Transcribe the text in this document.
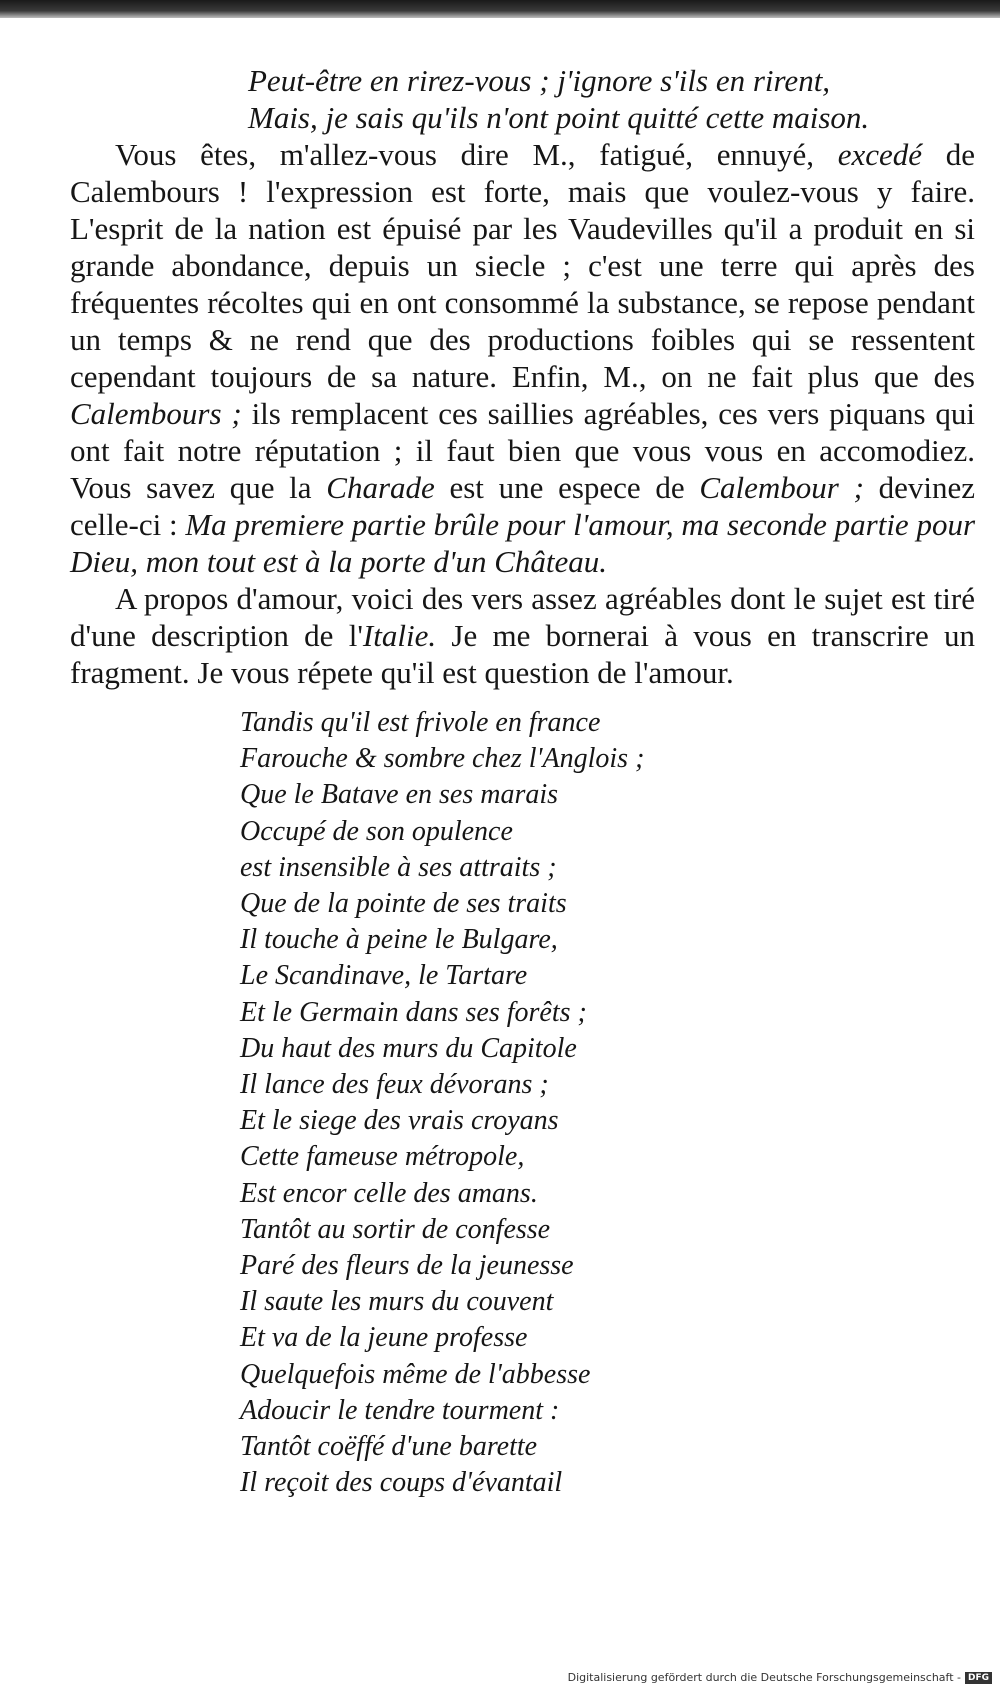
Peut-être en rirez-vous ; j'ignore s'ils en rirent,
Mais, je sais qu'ils n'ont point quitté cette maison.

Vous êtes, m'allez-vous dire M., fatigué, ennuyé, excedé de Calembours ! l'expression est forte, mais que voulez-vous y faire. L'esprit de la nation est épuisé par les Vaudevilles qu'il a produit en si grande abondance, depuis un siecle ; c'est une terre qui après des fréquentes récoltes qui en ont consommé la substance, se repose pendant un temps & ne rend que des productions foibles qui se ressentent cependant toujours de sa nature. Enfin, M., on ne fait plus que des Calembours ; ils remplacent ces saillies agréables, ces vers piquans qui ont fait notre réputation ; il faut bien que vous vous en accomodiez. Vous savez que la Charade est une espece de Calembour ; devinez celle-ci : Ma premiere partie brûle pour l'amour, ma seconde partie pour Dieu, mon tout est à la porte d'un Château.

A propos d'amour, voici des vers assez agréables dont le sujet est tiré d'une description de l'Italie. Je me bornerai à vous en transcrire un fragment. Je vous répete qu'il est question de l'amour.

Tandis qu'il est frivole en france
Farouche & sombre chez l'Anglois ;
Que le Batave en ses marais
Occupé de son opulence
est insensible à ses attraits ;
Que de la pointe de ses traits
Il touche à peine le Bulgare,
Le Scandinave, le Tartare
Et le Germain dans ses forêts ;
Du haut des murs du Capitole
Il lance des feux dévorans ;
Et le siege des vrais croyans
Cette fameuse métropole,
Est encor celle des amans.
Tantôt au sortir de confesse
Paré des fleurs de la jeunesse
Il saute les murs du couvent
Et va de la jeune professe
Quelquefois même de l'abbesse
Adoucir le tendre tourment :
Tantôt coëffé d'une barette
Il reçoit des coups d'évantail
Digitalisierung gefördert durch die Deutsche Forschungsgemeinschaft - DFG
